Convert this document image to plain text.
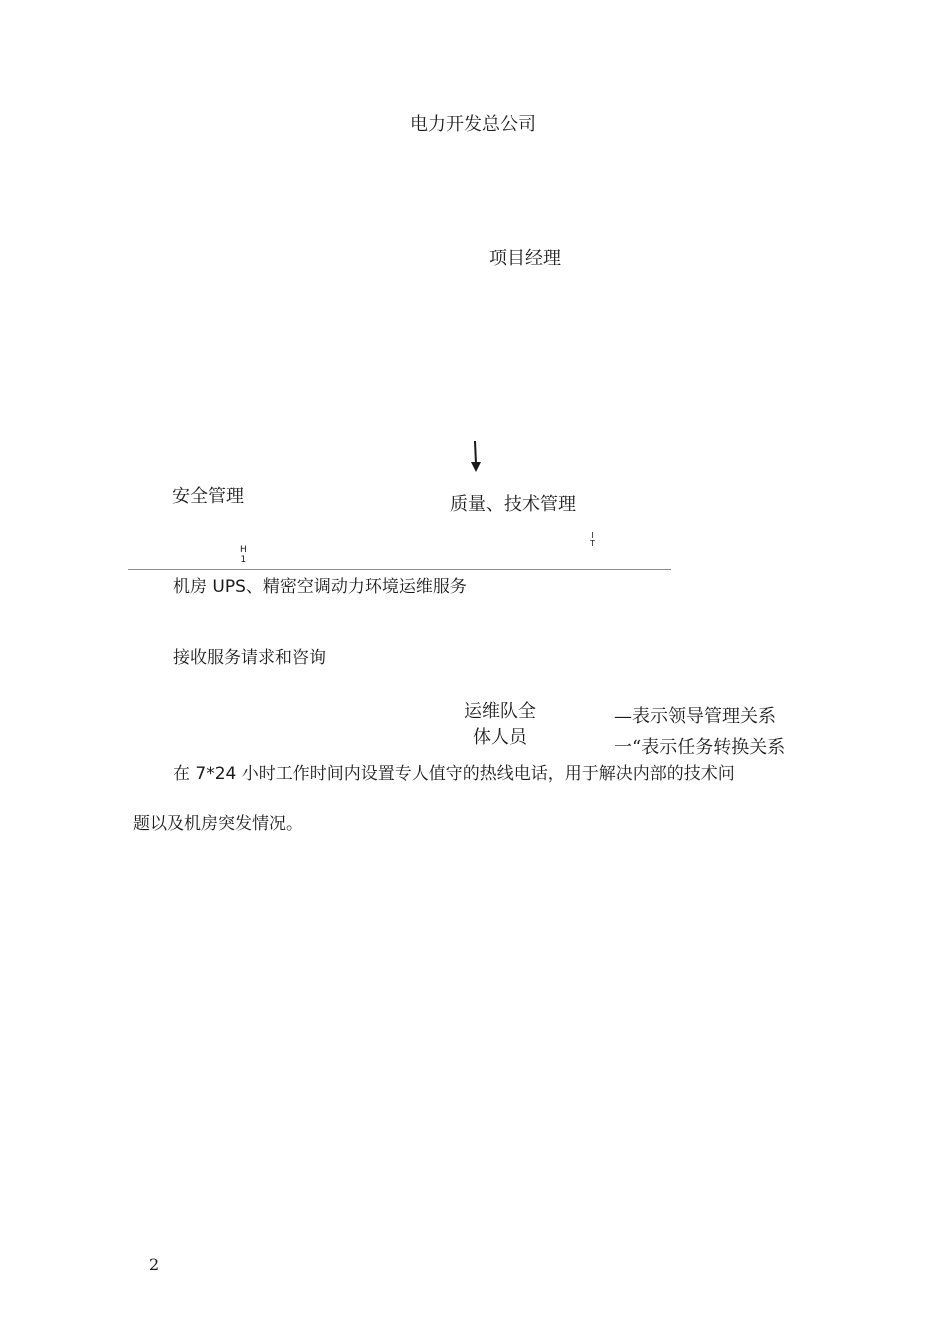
电力开发总公司
项目经理
安全管理	质量、技术管理
H
1
I
T
机房 UPS、精密空调动力环境运维服务
接收服务请求和咨询
运维队全
体人员
—表示领导管理关系
一“表示任务转换关系
在 7*24 小时工作时间内设置专人值守的热线电话，用于解决内部的技术问
题以及机房突发情况。
2
